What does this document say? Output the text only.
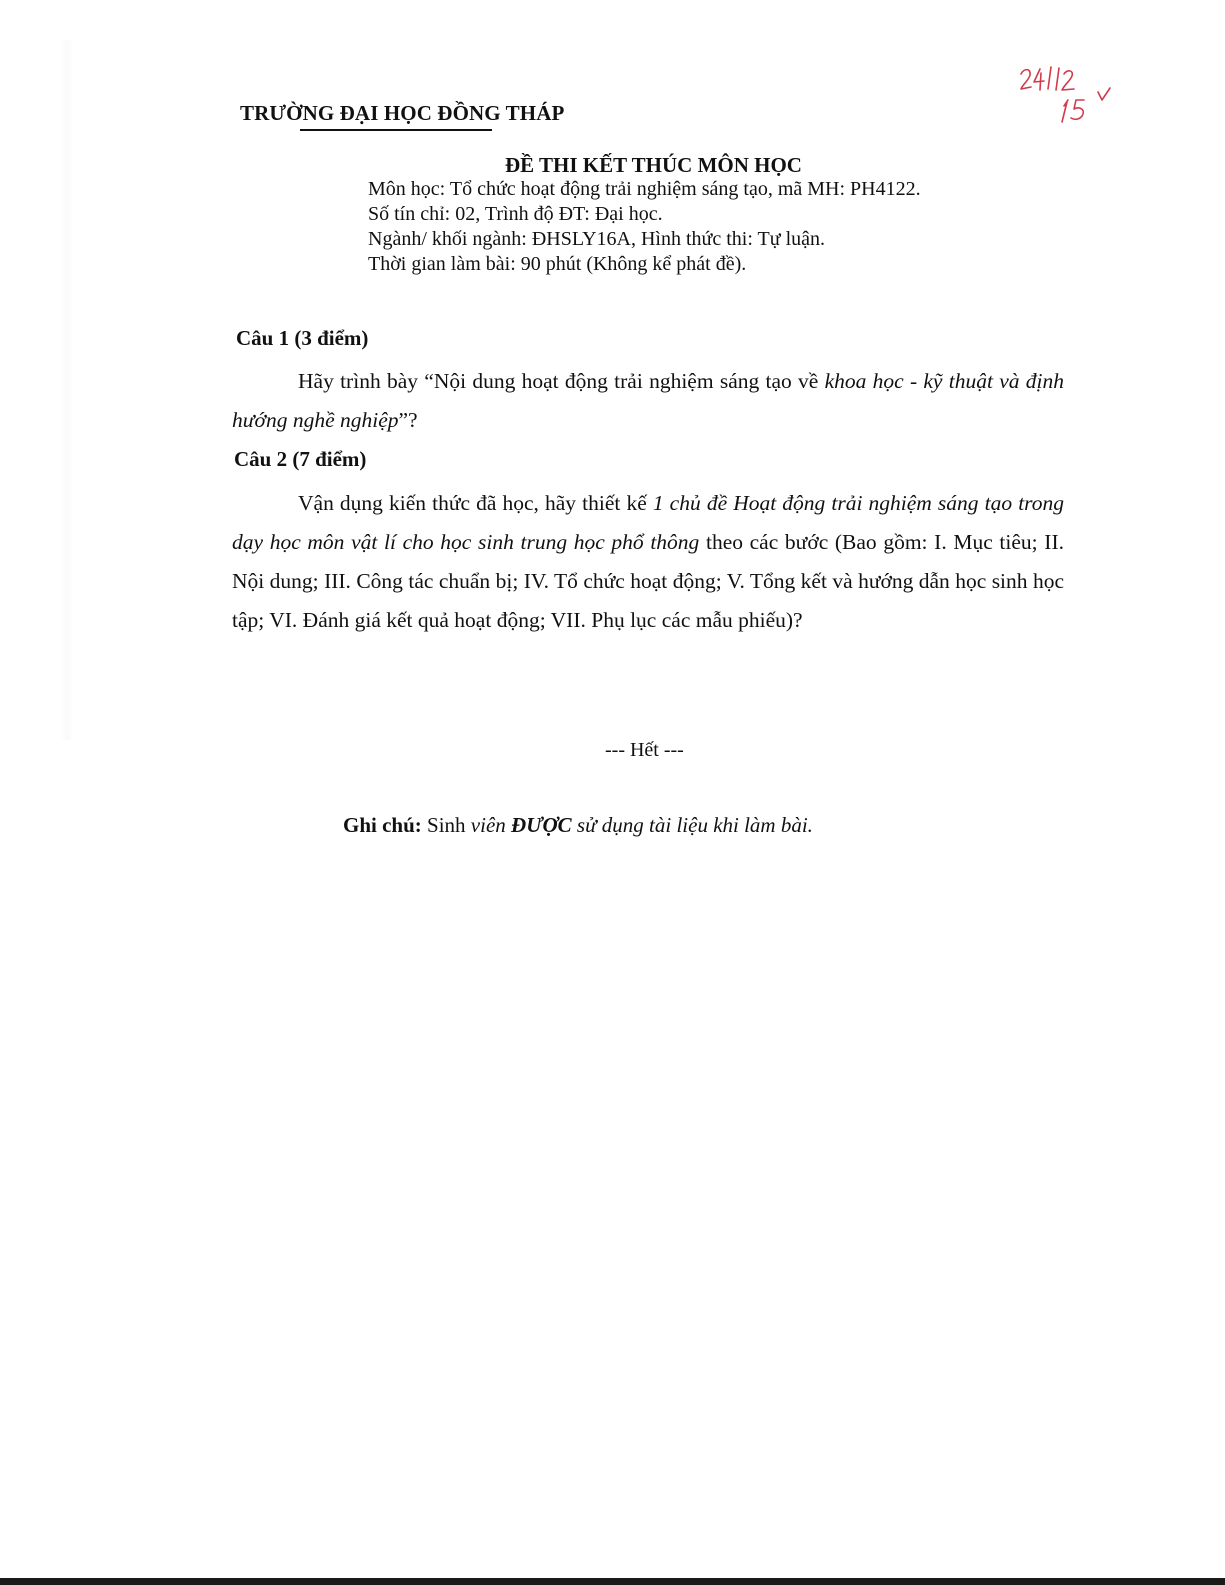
TRƯỜNG ĐẠI HỌC ĐỒNG THÁP
ĐỀ THI KẾT THÚC MÔN HỌC
Môn học: Tổ chức hoạt động trải nghiệm sáng tạo, mã MH: PH4122.
Số tín chỉ: 02, Trình độ ĐT: Đại học.
Ngành/ khối ngành: ĐHSLY16A, Hình thức thi: Tự luận.
Thời gian làm bài: 90 phút (Không kể phát đề).
Câu 1 (3 điểm)
Hãy trình bày “Nội dung hoạt động trải nghiệm sáng tạo về khoa học - kỹ thuật và định hướng nghề nghiệp”?
Câu 2 (7 điểm)
Vận dụng kiến thức đã học, hãy thiết kế 1 chủ đề Hoạt động trải nghiệm sáng tạo trong dạy học môn vật lí cho học sinh trung học phổ thông theo các bước (Bao gồm: I. Mục tiêu; II. Nội dung; III. Công tác chuẩn bị; IV. Tổ chức hoạt động; V. Tổng kết và hướng dẫn học sinh học tập; VI. Đánh giá kết quả hoạt động; VII. Phụ lục các mẫu phiếu)?
--- Hết ---
Ghi chú: Sinh viên ĐƯỢC sử dụng tài liệu khi làm bài.
